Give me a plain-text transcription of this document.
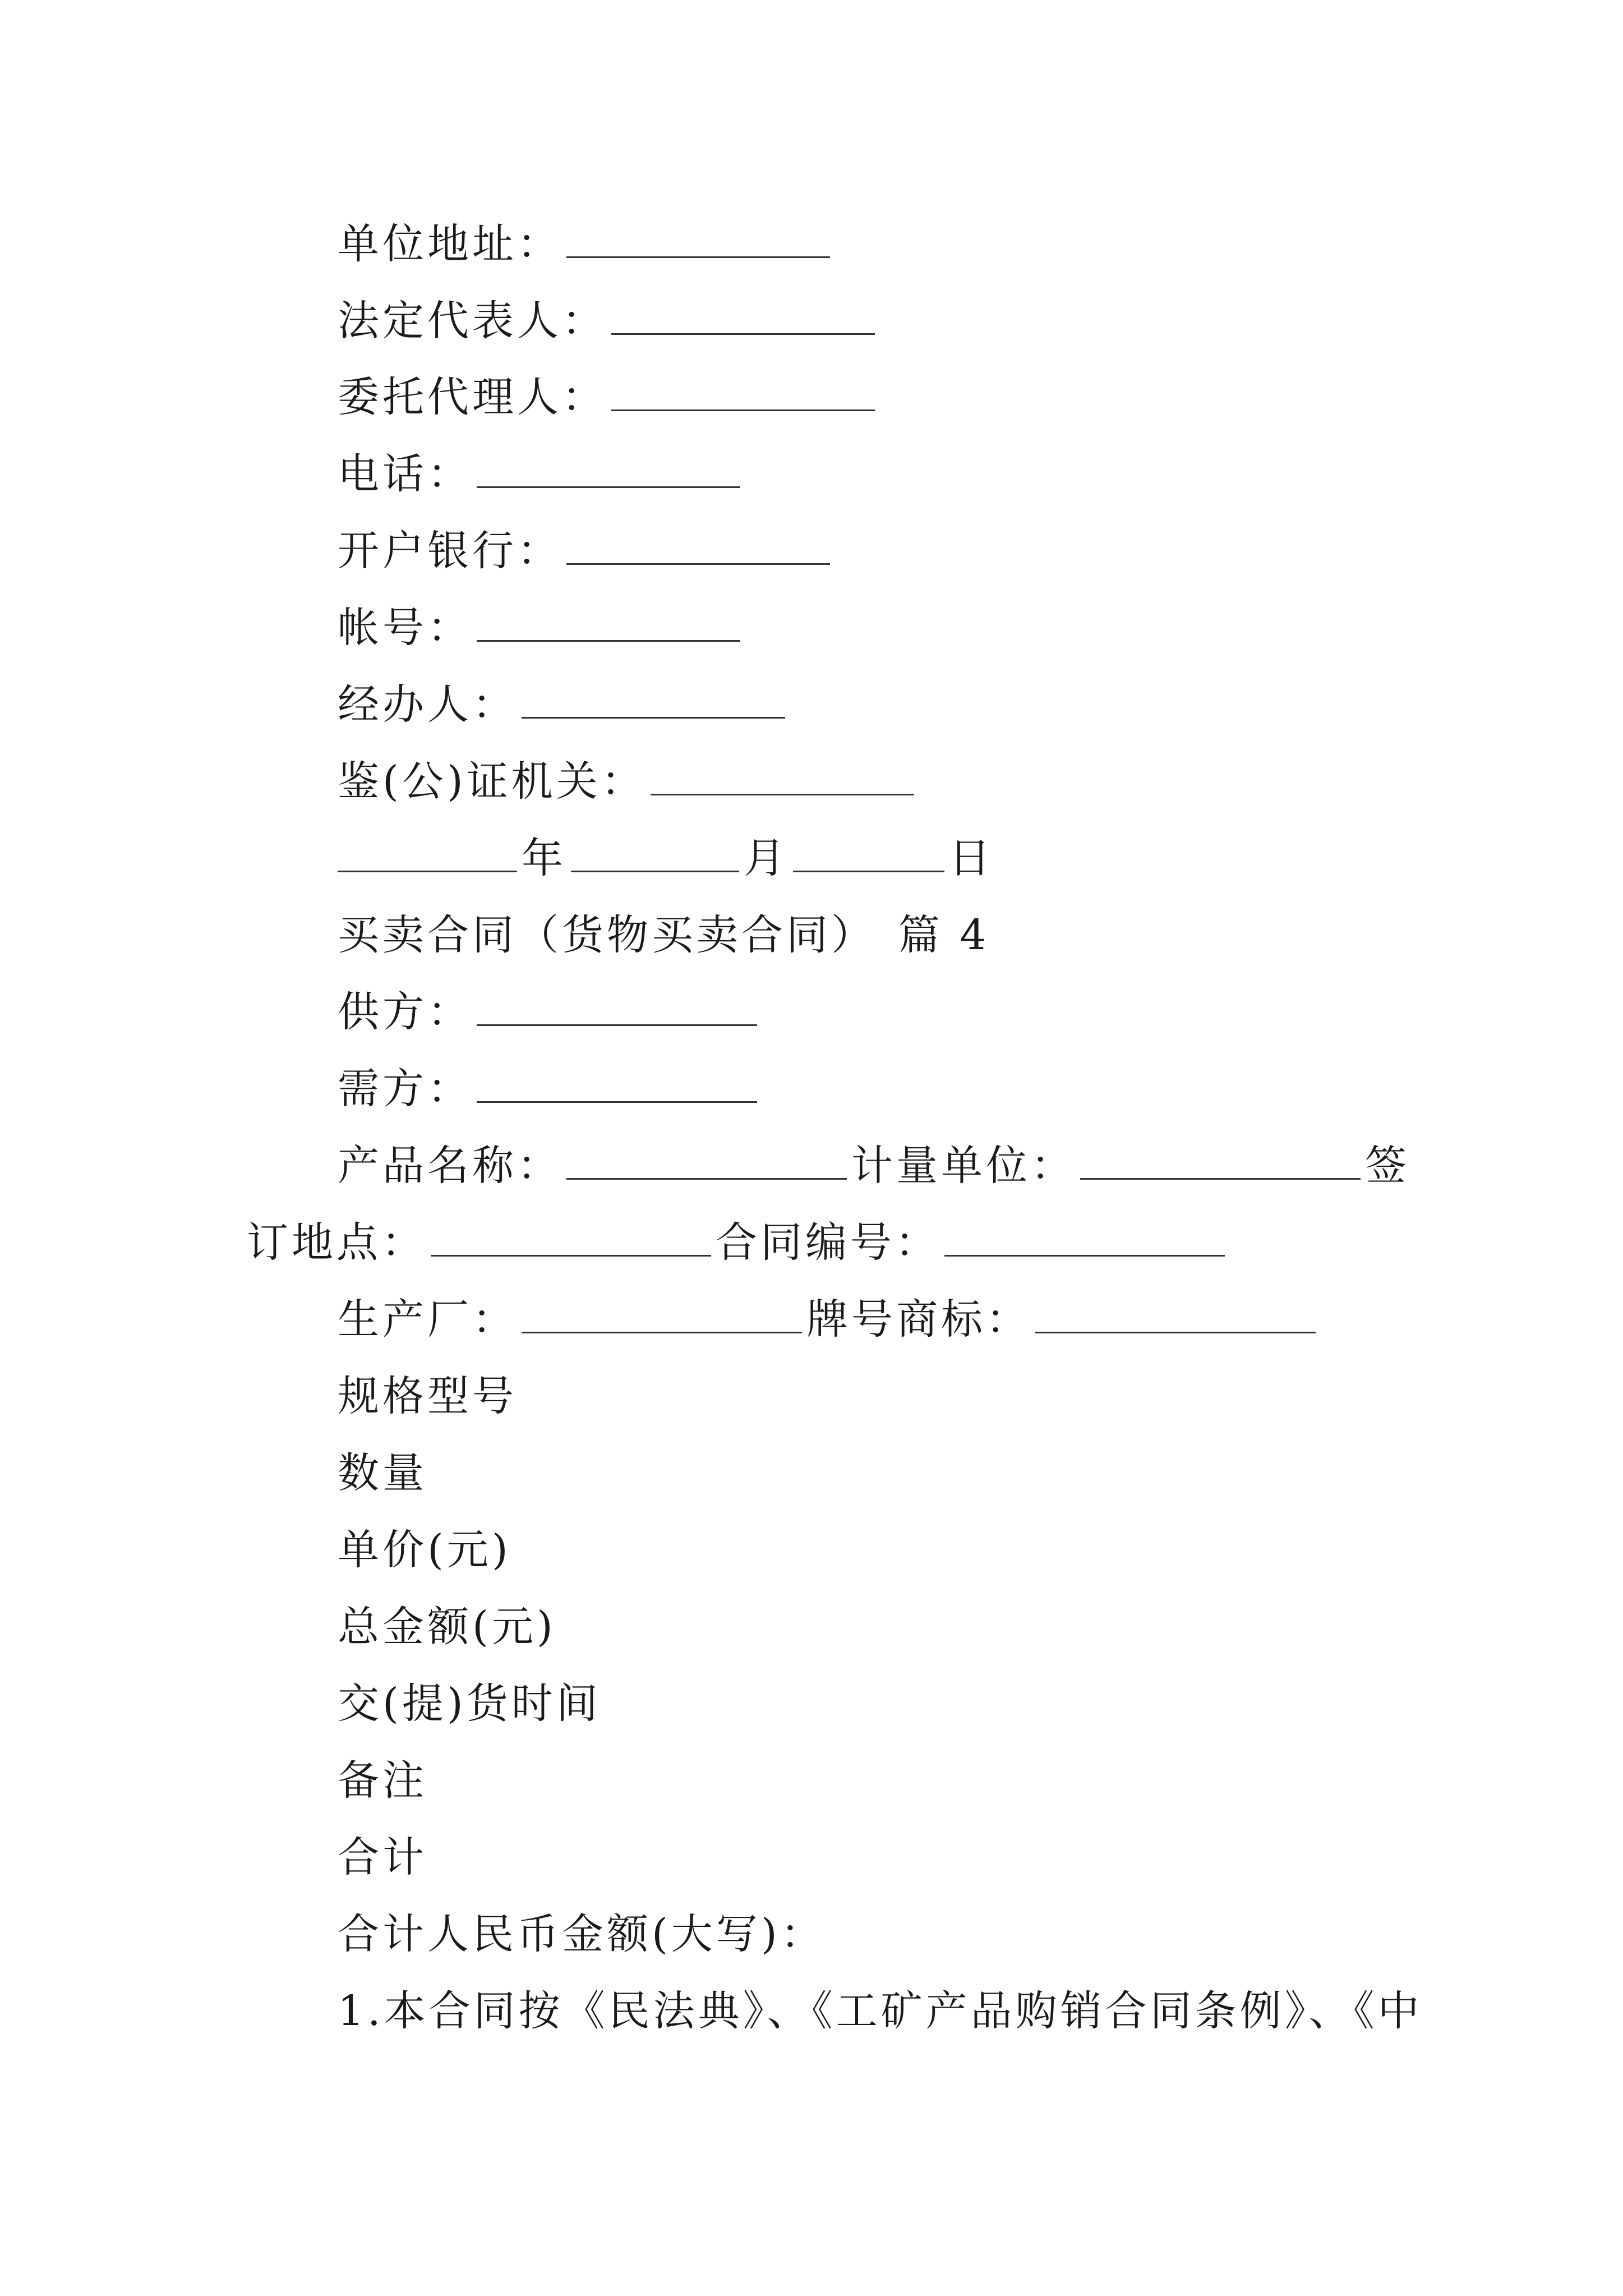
单位地址：
法定代表人：
委托代理人：
电话：
开户银行：
帐号：
经办人：
鉴(公)证机关：
年	月	日
买卖合同（货物买卖合同） 篇 4
供方：
需方：
产品名称：	计量单位：	签
订地点：	合同编号：
生产厂：	牌号商标：
规格型号
数量
单价(元)
总金额(元)
交(提)货时间
备注
合计
合计人民币金额(大写)：
1.本合同按《民法典》、《工矿产品购销合同条例》、《中
